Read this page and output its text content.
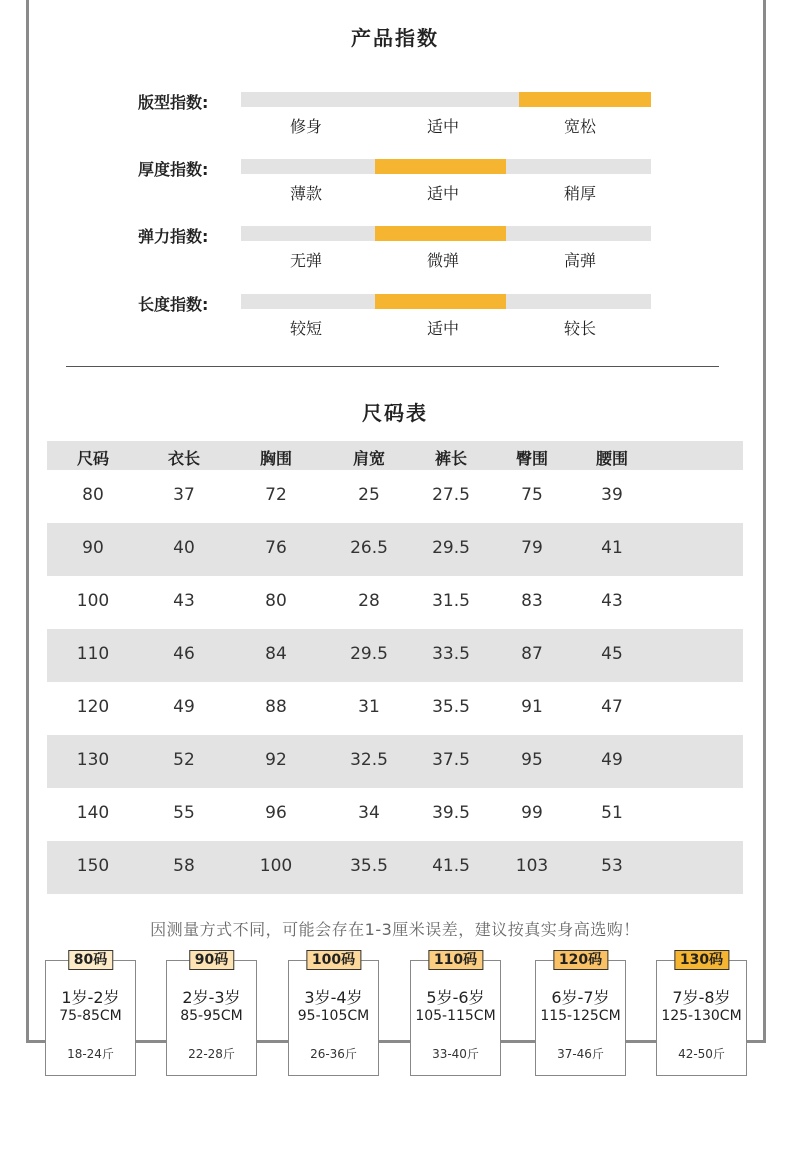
产品指数
版型指数:
修身	适中	宽松
厚度指数:
薄款	适中	稍厚
弹力指数:
无弹	微弹	高弹
长度指数:
较短	适中	较长
尺码表
尺码	衣长	胸围	肩宽	裤长	臀围	腰围
80	37	72	25	27.5	75	39
90	40	76	26.5	29.5	79	41
100	43	80	28	31.5	83	43
110	46	84	29.5	33.5	87	45
120	49	88	31	35.5	91	47
130	52	92	32.5	37.5	95	49
140	55	96	34	39.5	99	51
150	58	100	35.5	41.5	103	53
因测量方式不同，可能会存在1-3厘米误差，建议按真实身高选购！
80码
1岁-2岁
75-85CM
18-24斤
90码
2岁-3岁
85-95CM
22-28斤
100码
3岁-4岁
95-105CM
26-36斤
110码
5岁-6岁
105-115CM
33-40斤
120码
6岁-7岁
115-125CM
37-46斤
130码
7岁-8岁
125-130CM
42-50斤
